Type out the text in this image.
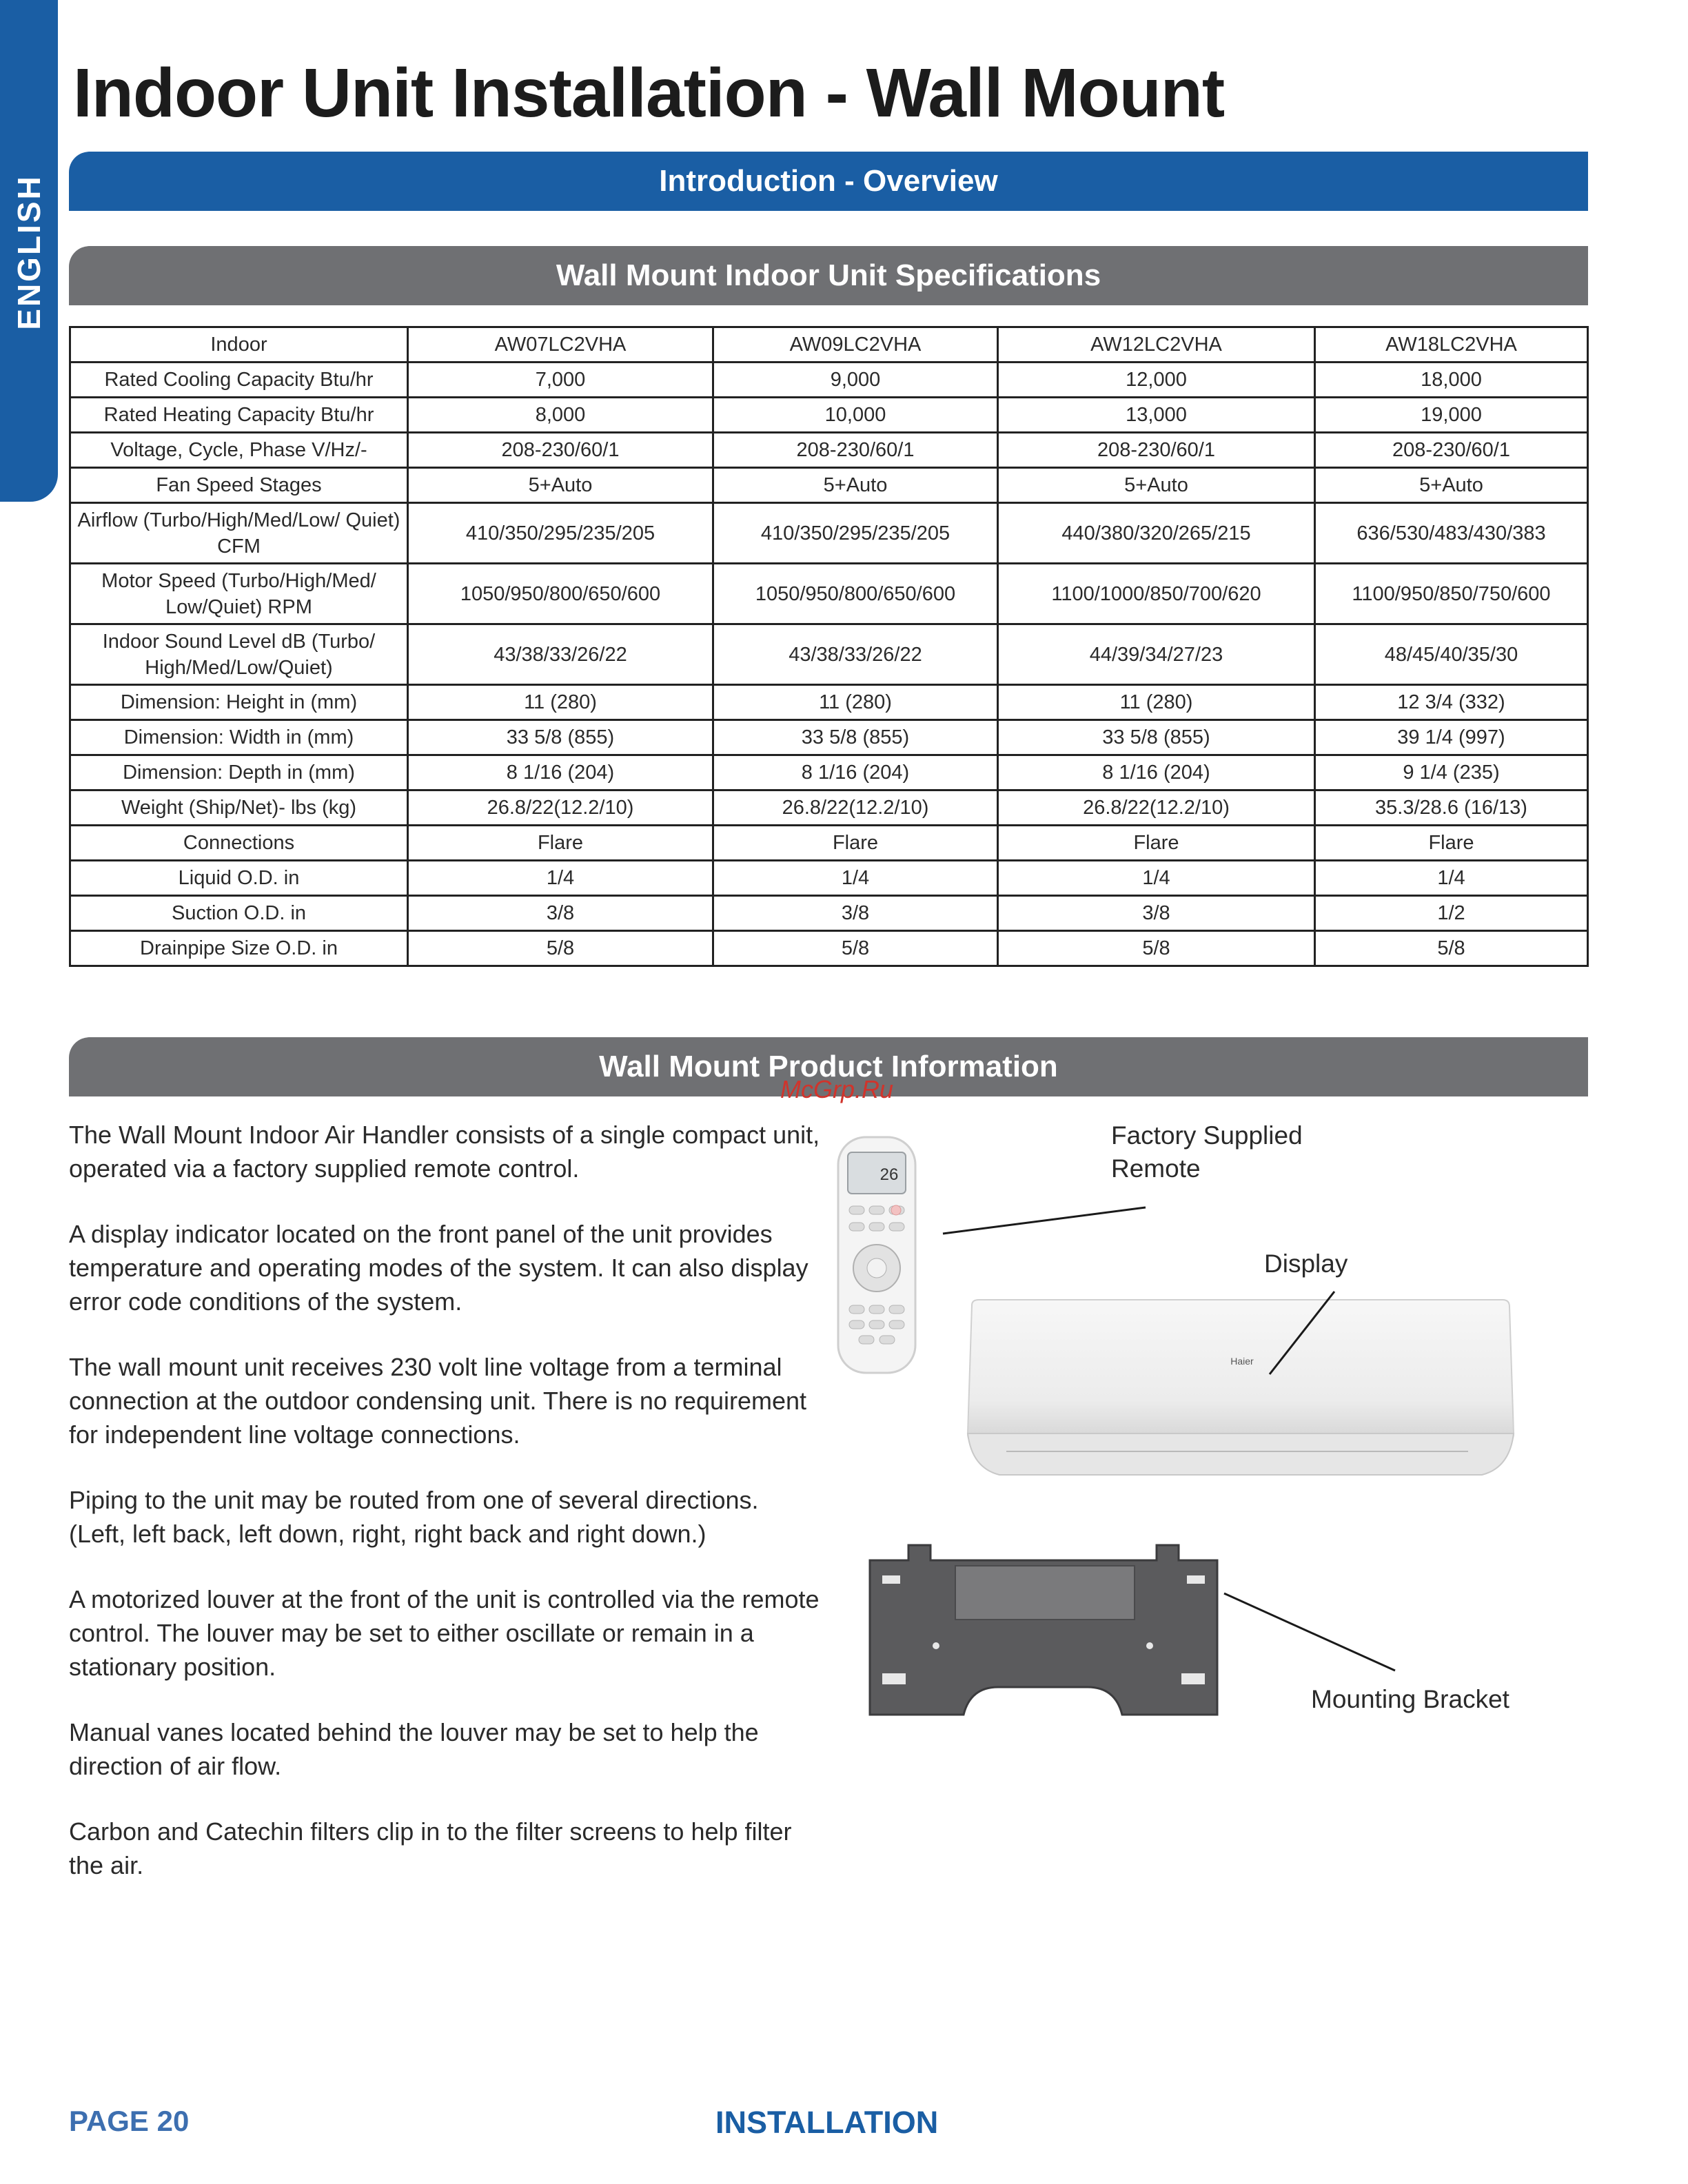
ENGLISH
Indoor Unit Installation - Wall Mount
Introduction - Overview
Wall Mount Indoor Unit Specifications
Indoor	AW07LC2VHA	AW09LC2VHA	AW12LC2VHA	AW18LC2VHA
Rated Cooling Capacity Btu/hr	7,000	9,000	12,000	18,000
Rated Heating Capacity Btu/hr	8,000	10,000	13,000	19,000
Voltage, Cycle, Phase V/Hz/-	208-230/60/1	208-230/60/1	208-230/60/1	208-230/60/1
Fan Speed Stages	5+Auto	5+Auto	5+Auto	5+Auto
Airflow (Turbo/High/Med/Low/ Quiet) CFM	410/350/295/235/205	410/350/295/235/205	440/380/320/265/215	636/530/483/430/383
Motor Speed (Turbo/High/Med/ Low/Quiet) RPM	1050/950/800/650/600	1050/950/800/650/600	1100/1000/850/700/620	1100/950/850/750/600
Indoor Sound Level dB (Turbo/ High/Med/Low/Quiet)	43/38/33/26/22	43/38/33/26/22	44/39/34/27/23	48/45/40/35/30
Dimension: Height in (mm)	11 (280)	11 (280)	11 (280)	12 3/4 (332)
Dimension: Width in (mm)	33 5/8 (855)	33 5/8 (855)	33 5/8 (855)	39 1/4 (997)
Dimension: Depth in (mm)	8 1/16 (204)	8 1/16 (204)	8 1/16 (204)	9 1/4 (235)
Weight (Ship/Net)- lbs (kg)	26.8/22(12.2/10)	26.8/22(12.2/10)	26.8/22(12.2/10)	35.3/28.6 (16/13)
Connections	Flare	Flare	Flare	Flare
Liquid O.D. in	1/4	1/4	1/4	1/4
Suction O.D. in	3/8	3/8	3/8	1/2
Drainpipe Size O.D. in	5/8	5/8	5/8	5/8
Wall Mount Product Information
McGrp.Ru

The Wall Mount Indoor Air Handler consists of a single compact unit, operated via a factory supplied remote control.

A display indicator located on the front panel of the unit provides temperature and operating modes of the system. It can also display error code conditions of the system.

The wall mount unit receives 230 volt line voltage from a terminal connection at the outdoor condensing unit. There is no requirement for independent line voltage connections.

Piping to the unit may be routed from one of several directions. (Left, left back, left down, right, right back and right down.)

A motorized louver at the front of the unit is controlled via the remote control. The louver may be set to either oscillate or remain in a stationary position.

Manual vanes located behind the louver may be set to help the direction of air flow.

Carbon and Catechin filters clip in to the filter screens to help filter the air.

26
Haier
Factory Supplied Remote
Display
Mounting Bracket
PAGE 20	INSTALLATION
